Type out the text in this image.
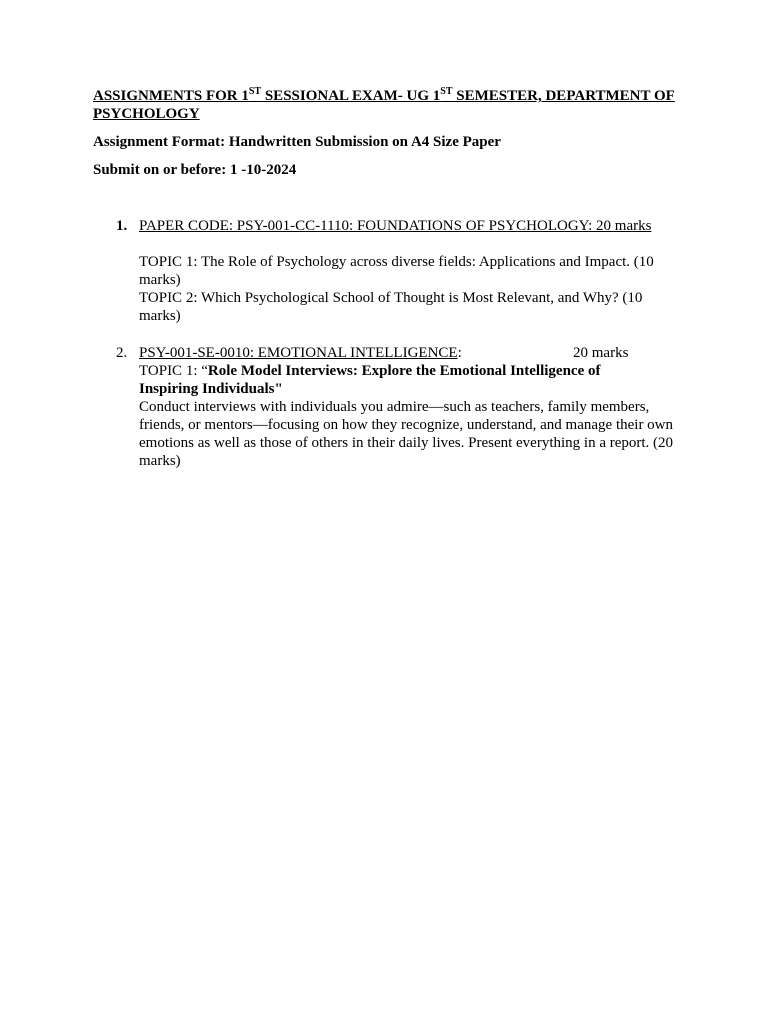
ASSIGNMENTS FOR 1ST SESSIONAL EXAM- UG 1ST SEMESTER, DEPARTMENT OF PSYCHOLOGY
Assignment Format: Handwritten Submission on A4 Size Paper
Submit on or before: 1 -10-2024
1. PAPER CODE: PSY-001-CC-1110: FOUNDATIONS OF PSYCHOLOGY: 20 marks
TOPIC 1: The Role of Psychology across diverse fields: Applications and Impact. (10 marks)
TOPIC 2: Which Psychological School of Thought is Most Relevant, and Why? (10 marks)
2. PSY-001-SE-0010: EMOTIONAL INTELLIGENCE:	20 marks
TOPIC 1: “Role Model Interviews: Explore the Emotional Intelligence of Inspiring Individuals"
Conduct interviews with individuals you admire—such as teachers, family members, friends, or mentors—focusing on how they recognize, understand, and manage their own emotions as well as those of others in their daily lives. Present everything in a report. (20 marks)
